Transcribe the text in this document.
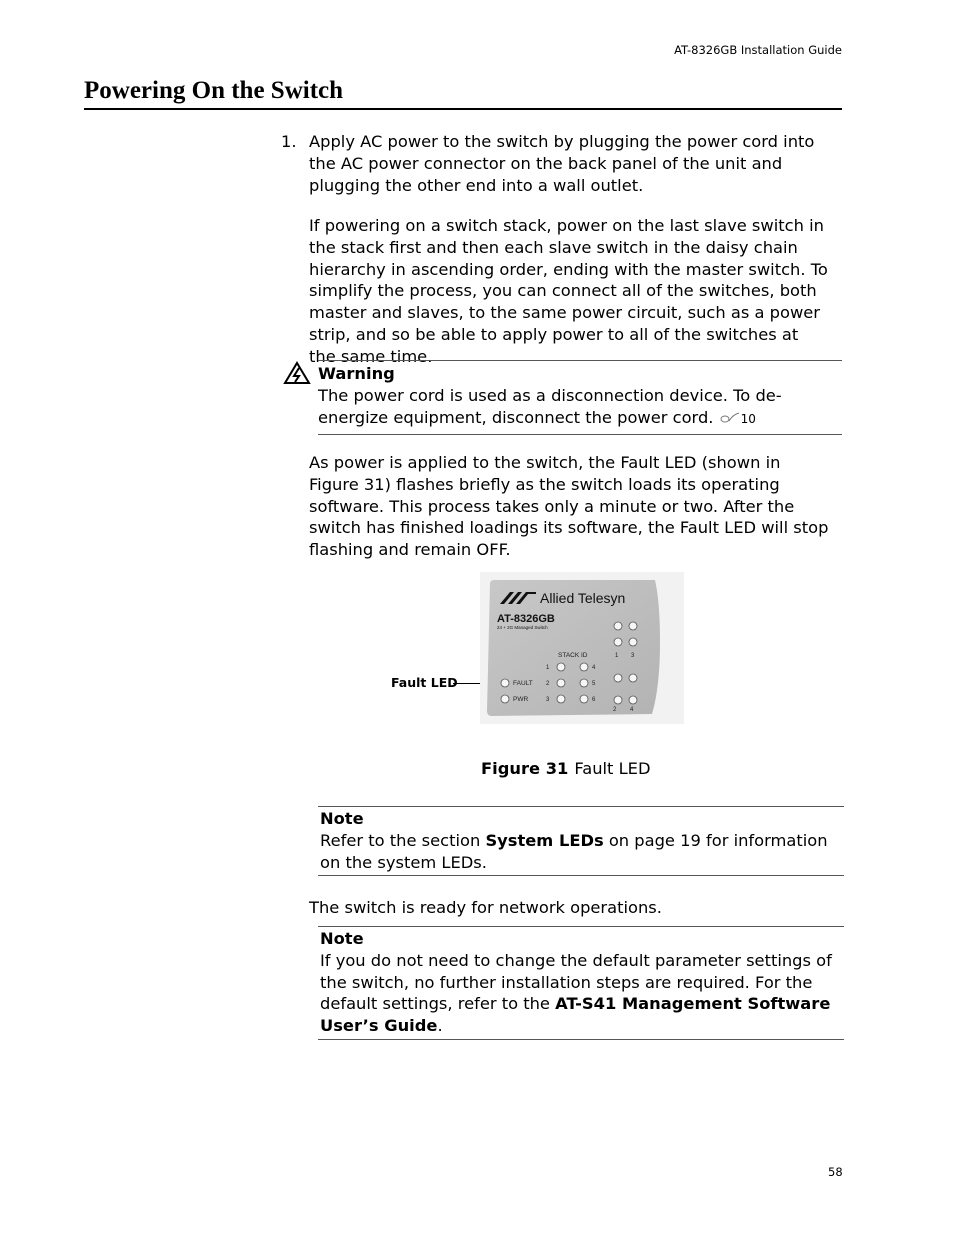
AT-8326GB Installation Guide
Powering On the Switch
1. Apply AC power to the switch by plugging the power cord into the AC power connector on the back panel of the unit and plugging the other end into a wall outlet.
If powering on a switch stack, power on the last slave switch in the stack first and then each slave switch in the daisy chain hierarchy in ascending order, ending with the master switch. To simplify the process, you can connect all of the switches, both master and slaves, to the same power circuit, such as a power strip, and so be able to apply power to all of the switches at the same time.
Warning
The power cord is used as a disconnection device. To de-energize equipment, disconnect the power cord. 10
As power is applied to the switch, the Fault LED (shown in Figure 31) flashes briefly as the switch loads its operating software. This process takes only a minute or two. After the switch has finished loadings its software, the Fault LED will stop flashing and remain OFF.
Fault LED
Allied Telesyn
AT-8326GB
24 + 2G Managed Switch
STACK ID
1
2
3
4
5
6
FAULT
PWR
1 3
2 4
Figure 31 Fault LED
Note
Refer to the section System LEDs on page 19 for information on the system LEDs.
The switch is ready for network operations.
Note
If you do not need to change the default parameter settings of the switch, no further installation steps are required. For the default settings, refer to the AT-S41 Management Software User’s Guide.
58
